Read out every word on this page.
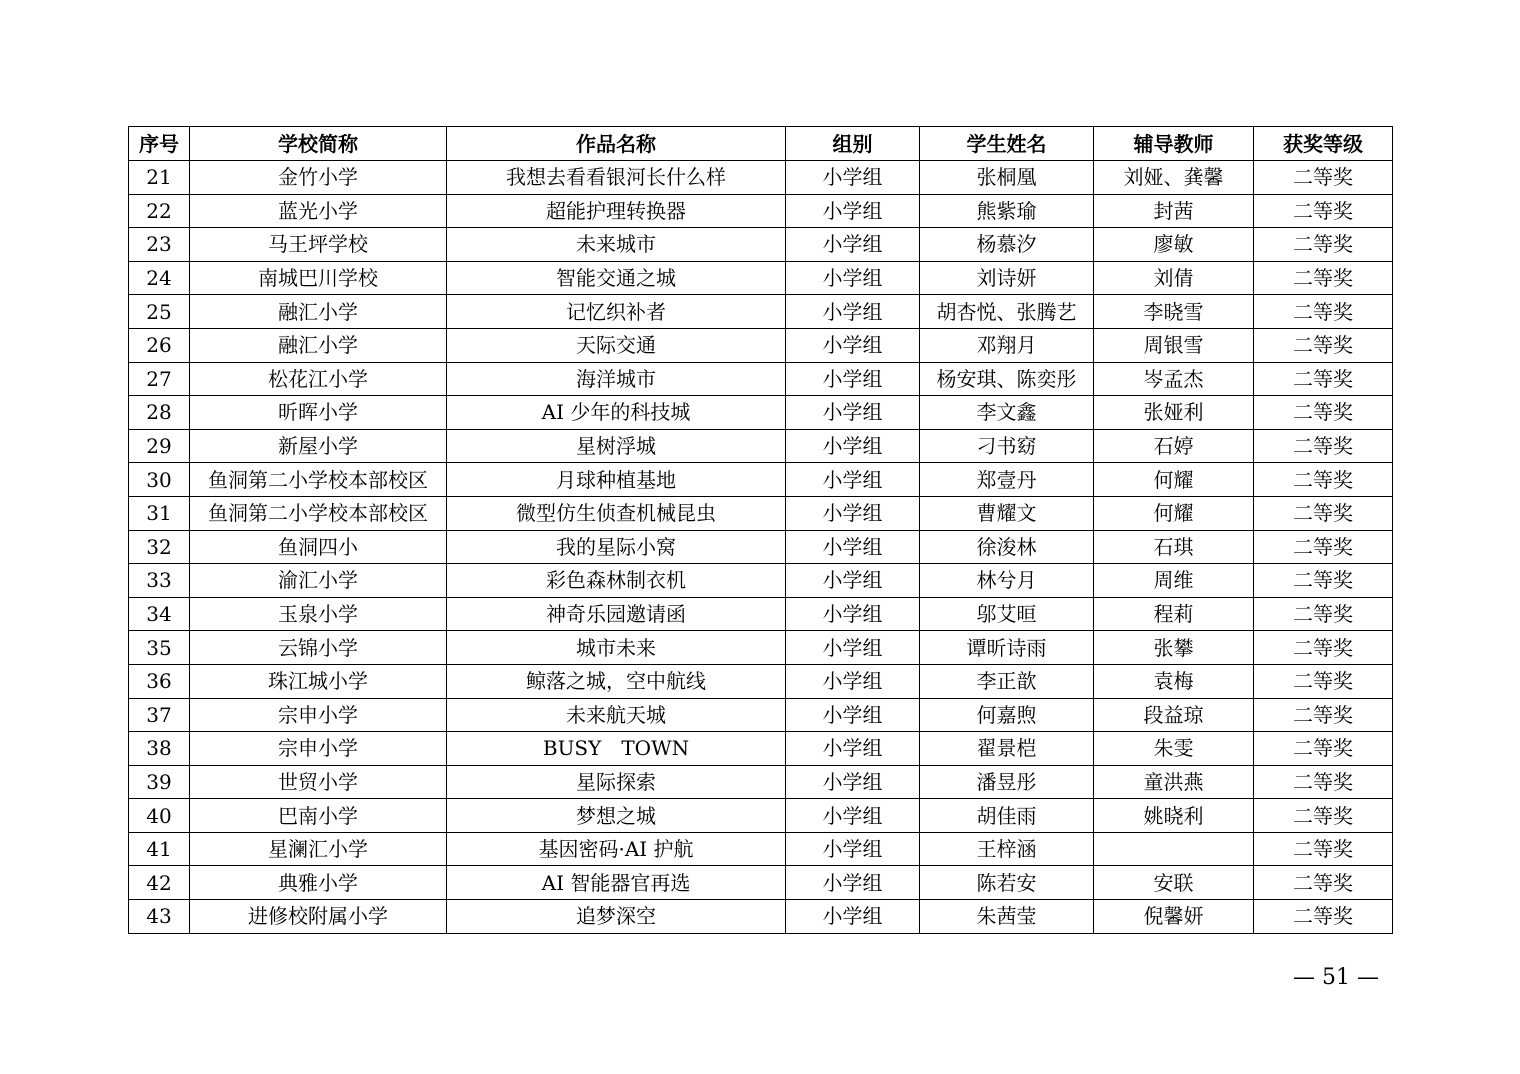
序号	学校简称	作品名称	组别	学生姓名	辅导教师	获奖等级
21	金竹小学	我想去看看银河长什么样	小学组	张桐凰	刘娅、龚馨	二等奖
22	蓝光小学	超能护理转换器	小学组	熊紫瑜	封茜	二等奖
23	马王坪学校	未来城市	小学组	杨慕汐	廖敏	二等奖
24	南城巴川学校	智能交通之城	小学组	刘诗妍	刘倩	二等奖
25	融汇小学	记忆织补者	小学组	胡杏悦、张腾艺	李晓雪	二等奖
26	融汇小学	天际交通	小学组	邓翔月	周银雪	二等奖
27	松花江小学	海洋城市	小学组	杨安琪、陈奕彤	岑孟杰	二等奖
28	昕晖小学	AI 少年的科技城	小学组	李文鑫	张娅利	二等奖
29	新屋小学	星树浮城	小学组	刁书窈	石婷	二等奖
30	鱼洞第二小学校本部校区	月球种植基地	小学组	郑壹丹	何耀	二等奖
31	鱼洞第二小学校本部校区	微型仿生侦查机械昆虫	小学组	曹耀文	何耀	二等奖
32	鱼洞四小	我的星际小窝	小学组	徐浚林	石琪	二等奖
33	渝汇小学	彩色森林制衣机	小学组	林兮月	周维	二等奖
34	玉泉小学	神奇乐园邀请函	小学组	邬艾晅	程莉	二等奖
35	云锦小学	城市未来	小学组	谭昕诗雨	张攀	二等奖
36	珠江城小学	鲸落之城，空中航线	小学组	李正歆	袁梅	二等奖
37	宗申小学	未来航天城	小学组	何嘉煦	段益琼	二等奖
38	宗申小学	BUSY　TOWN	小学组	翟景桤	朱雯	二等奖
39	世贸小学	星际探索	小学组	潘昱彤	童洪燕	二等奖
40	巴南小学	梦想之城	小学组	胡佳雨	姚晓利	二等奖
41	星澜汇小学	基因密码·AI 护航	小学组	王梓涵		二等奖
42	典雅小学	AI 智能器官再选	小学组	陈若安	安联	二等奖
43	进修校附属小学	追梦深空	小学组	朱茜莹	倪馨妍	二等奖
— 51 —
